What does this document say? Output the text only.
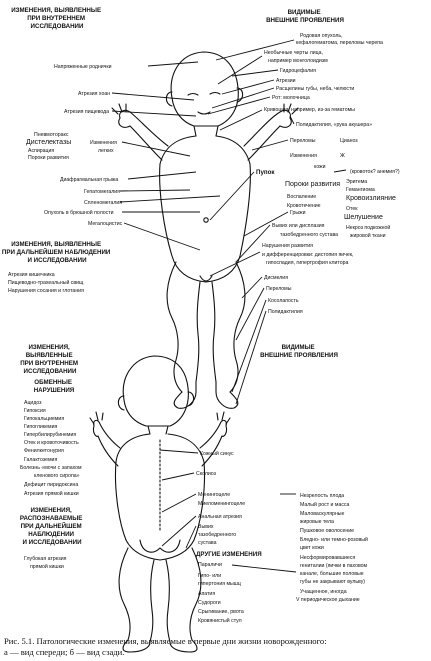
ИЗМЕНЕНИЯ, ВЫЯВЛЕННЫЕ ПРИ ВНУТРЕННЕМ ИССЛЕДОВАНИИ
ВИДИМЫЕ ВНЕШНИЕ ПРОЯВЛЕНИЯ
Напряженные роднички
Атрезия хоан
Атрезия пищевода
Пневмоторакс
Дистелектазы
Аспирация
Пороки развития
Изменения
легких
Диафрагмальная грыжа
Гепатомегалия
Спленомегалия
Опухоль в брюшной полости
Мегалоцистис
ИЗМЕНЕНИЯ, ВЫЯВЛЕННЫЕ ПРИ ДАЛЬНЕЙШЕМ НАБЛЮДЕНИИ И ИССЛЕДОВАНИИ
Атрезия кишечника
Пищеводно-трахеальный свищ
Нарушения сосания и глотания
Родовая опухоль,
кефалогематома, переломы черепа
Необычные черты лица,
например монголоидизм
Гидроцефалия
Атрезии
Расщелины губы, неба, челюсти
Рот: молочница
Кривошея, например, из-за гематомы
Полидактилия, «рука акушера»
Переломы	Цианоз
Изменения	Ж
кожи
(кровоток? анемия?)
Эритема
Гемангиома
Кровоизлияние
Отек
Шелушение
Некроз подкожной
жировой ткани
Пупок
Пороки развития
Воспаление
Кровотечение
Грыжи
Вывих или дисплазия
тазобедренного сустава
Нарушения развития
и дифференцировки: дистопия яичек,
гипоспадия, гипертрофия клитора
Дисмелия
Переломы
Косолапость
Полидактилия
ИЗМЕНЕНИЯ, ВЫЯВЛЕННЫЕ ПРИ ВНУТРЕННЕМ ИССЛЕДОВАНИИ
ВИДИМЫЕ ВНЕШНИЕ ПРОЯВЛЕНИЯ
ОБМЕННЫЕ НАРУШЕНИЯ
Ацидоз
Гипоксия
Гипокальциемия
Гипогликемия
Гипербилирубинемия
Отек и кровоточивость
Фенилкетонурия
Галактоземия
Болезнь «мочи с запахом
кленового сиропа»
Дефицит пиридоксина
Атрезия прямой кишки
ИЗМЕНЕНИЯ, РАСПОЗНАВАЕМЫЕ ПРИ ДАЛЬНЕЙШЕМ НАБЛЮДЕНИИ И ИССЛЕДОВАНИИ
Глубокая атрезия
прямой кишки
Кожный синус
Сколиоз
Менингоцеле
Миеломенингоцеле
Анальная атрезия
Вывих
тазобедренного
сустава
ДРУГИЕ ИЗМЕНЕНИЯ
Параличи
Гипо- или
гипертония мышц
Апатия
Судороги
Срыгивание, рвота
Кровянистый стул
Незрелость плода
Малый рост и масса
Маловаскулярные
жировые тела
Пушковое оволосение
Бледно- или темно-розовый
цвет кожи
Несформировавшиеся
гениталии (яички в паховом
канале, большие половые
губы не закрывают вульву)
Учащенное, иногда
V периодическое дыхание
Рис. 5.1. Патологические изменения, выявляемые в первые дни жизни новорожденного:
а — вид спереди; б — вид сзади.
